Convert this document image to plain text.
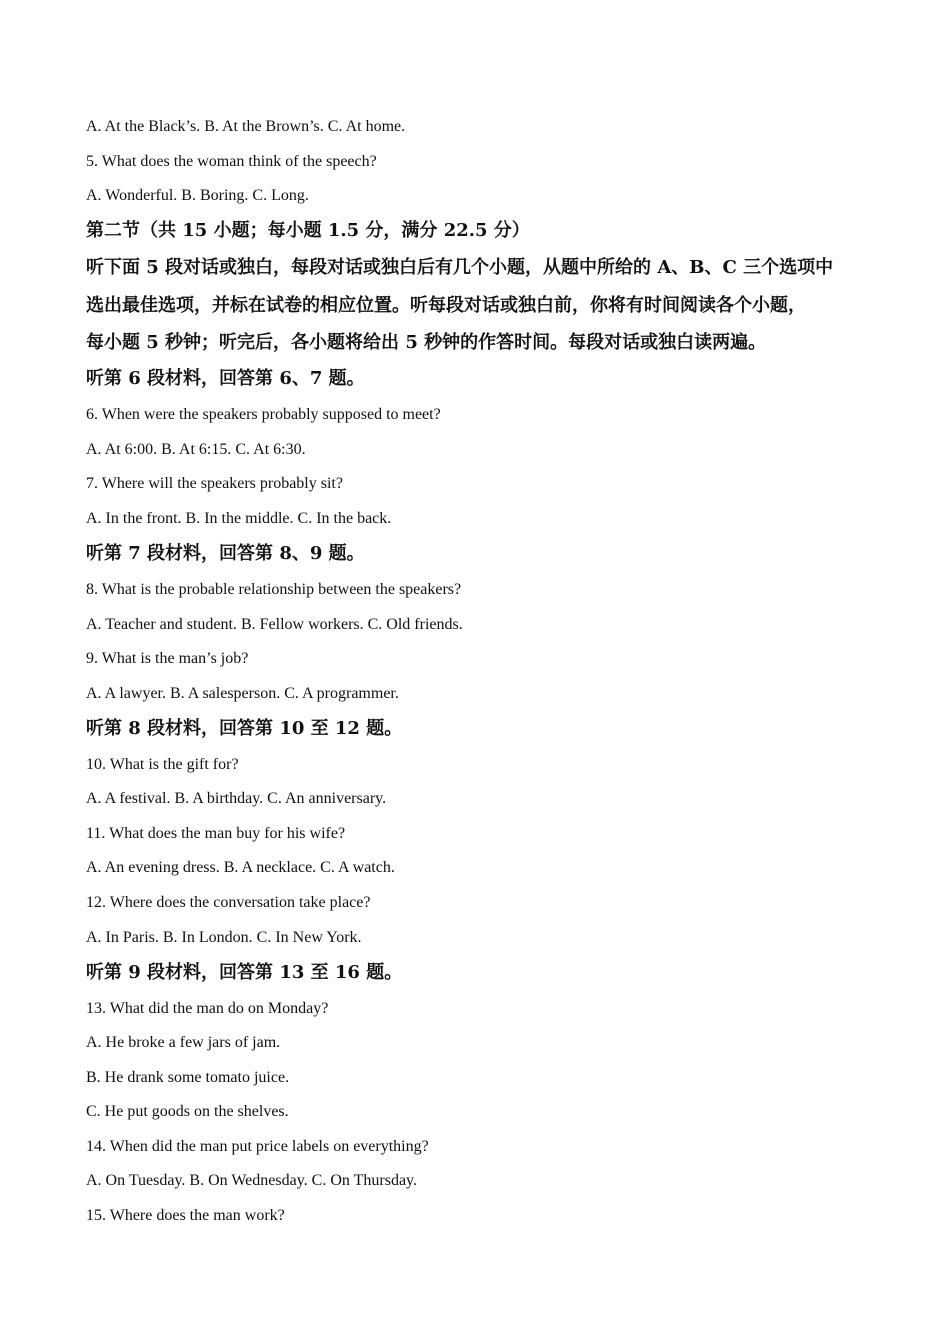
A. At the Black’s. B. At the Brown’s. C. At home.
5. What does the woman think of the speech?
A. Wonderful. B. Boring. C. Long.
第二节（共 15 小题；每小题 1.5 分，满分 22.5 分）
听下面 5 段对话或独白，每段对话或独白后有几个小题，从题中所给的 A、B、C 三个选项中
选出最佳选项，并标在试卷的相应位置。听每段对话或独白前，你将有时间阅读各个小题，
每小题 5 秒钟；听完后，各小题将给出 5 秒钟的作答时间。每段对话或独白读两遍。
听第 6 段材料，回答第 6、7 题。
6. When were the speakers probably supposed to meet?
A. At 6:00. B. At 6:15. C. At 6:30.
7. Where will the speakers probably sit?
A. In the front. B. In the middle. C. In the back.
听第 7 段材料，回答第 8、9 题。
8. What is the probable relationship between the speakers?
A. Teacher and student. B. Fellow workers. C. Old friends.
9. What is the man’s job?
A. A lawyer. B. A salesperson. C. A programmer.
听第 8 段材料，回答第 10 至 12 题。
10. What is the gift for?
A. A festival. B. A birthday. C. An anniversary.
11. What does the man buy for his wife?
A. An evening dress. B. A necklace. C. A watch.
12. Where does the conversation take place?
A. In Paris. B. In London. C. In New York.
听第 9 段材料，回答第 13 至 16 题。
13. What did the man do on Monday?
A. He broke a few jars of jam.
B. He drank some tomato juice.
C. He put goods on the shelves.
14. When did the man put price labels on everything?
A. On Tuesday. B. On Wednesday. C. On Thursday.
15. Where does the man work?
